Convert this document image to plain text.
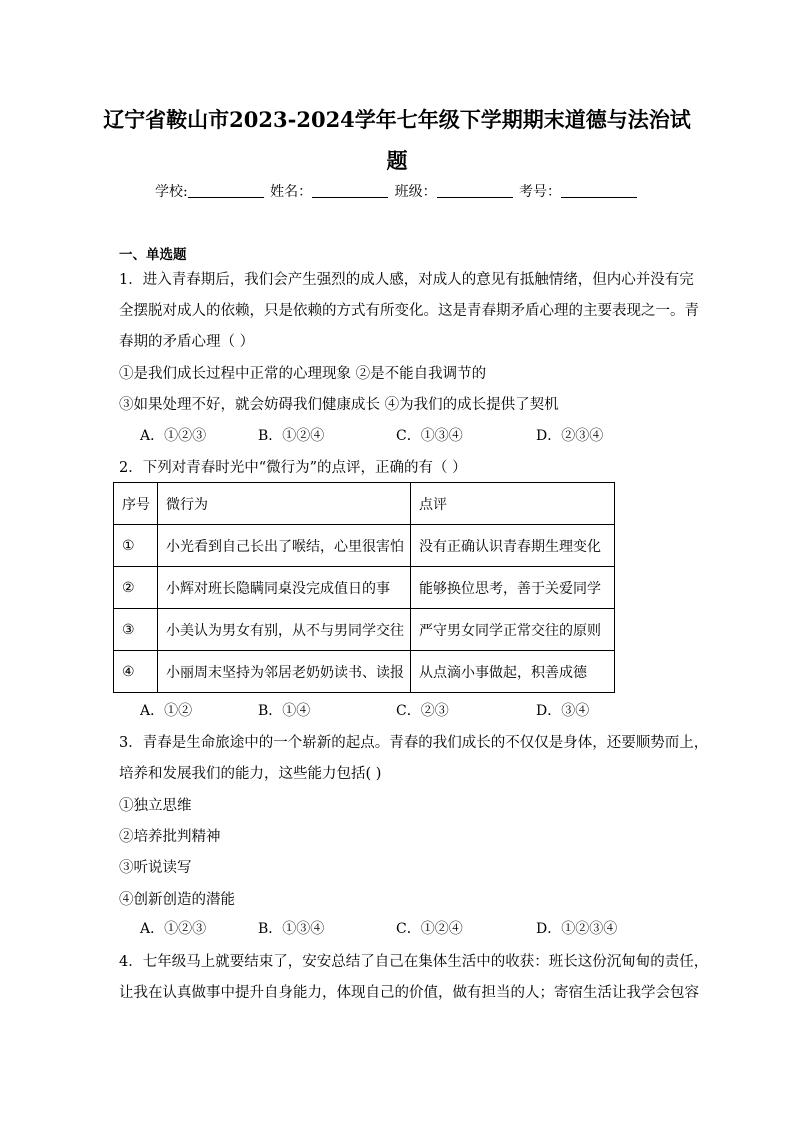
辽宁省鞍山市2023-2024学年七年级下学期期末道德与法治试
题
学校:	姓名：	班级：	考号：
一、单选题
1．进入青春期后，我们会产生强烈的成人感，对成人的意见有抵触情绪，但内心并没有完
全摆脱对成人的依赖，只是依赖的方式有所变化。这是青春期矛盾心理的主要表现之一。青
春期的矛盾心理（ ）
①是我们成长过程中正常的心理现象 ②是不能自我调节的
③如果处理不好，就会妨碍我们健康成长 ④为我们的成长提供了契机
A．①②③	B．①②④	C．①③④	D．②③④
2．下列对青春时光中“微行为”的点评，正确的有（ ）
序号	微行为	点评
①	小光看到自己长出了喉结，心里很害怕	没有正确认识青春期生理变化
②	小辉对班长隐瞒同桌没完成值日的事	能够换位思考，善于关爱同学
③	小美认为男女有别，从不与男同学交往	严守男女同学正常交往的原则
④	小丽周末坚持为邻居老奶奶读书、读报	从点滴小事做起，积善成德
A．①②	B．①④	C．②③	D．③④
3．青春是生命旅途中的一个崭新的起点。青春的我们成长的不仅仅是身体，还要顺势而上，
培养和发展我们的能力，这些能力包括( )
①独立思维
②培养批判精神
③听说读写
④创新创造的潜能
A．①②③	B．①③④	C．①②④	D．①②③④
4．七年级马上就要结束了，安安总结了自己在集体生活中的收获：班长这份沉甸甸的责任，
让我在认真做事中提升自身能力，体现自己的价值，做有担当的人；寄宿生活让我学会包容
